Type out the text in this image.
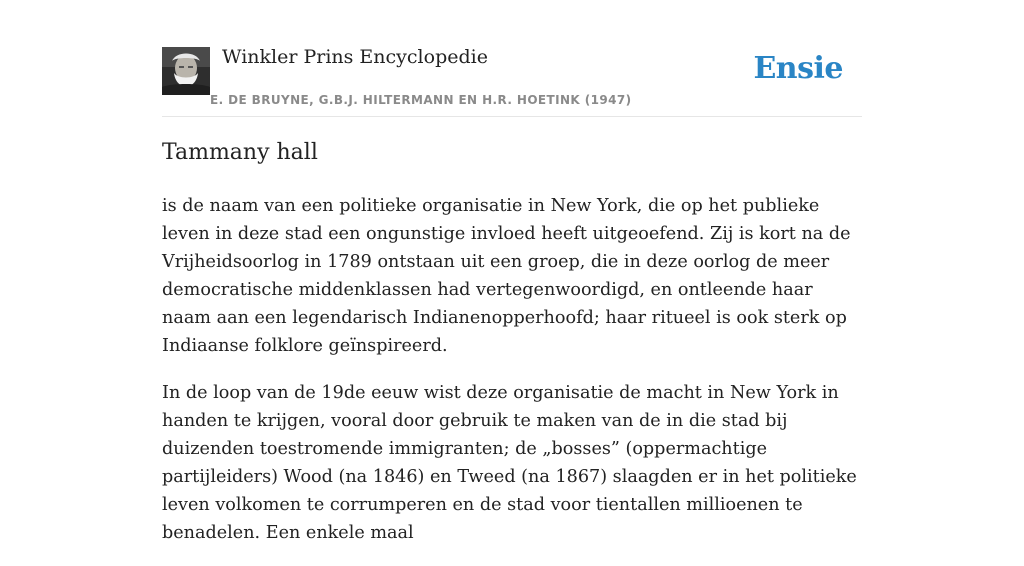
Winkler Prins Encyclopedie
E. DE BRUYNE, G.B.J. HILTERMANN EN H.R. HOETINK (1947)
Ensie
Tammany hall

is de naam van een politieke organisatie in New York, die op het publieke leven in deze stad een ongunstige invloed heeft uitgeoefend. Zij is kort na de Vrijheidsoorlog in 1789 ontstaan uit een groep, die in deze oorlog de meer democratische middenklassen had vertegenwoordigd, en ontleende haar naam aan een legendarisch Indianenopperhoofd; haar ritueel is ook sterk op Indiaanse folklore geïnspireerd.

In de loop van de 19de eeuw wist deze organisatie de macht in New York in handen te krijgen, vooral door gebruik te maken van de in die stad bij duizenden toestromende immigranten; de „bosses” (oppermachtige partijleiders) Wood (na 1846) en Tweed (na 1867) slaagden er in het politieke leven volkomen te corrumperen en de stad voor tientallen millioenen te benadelen. Een enkele maal
